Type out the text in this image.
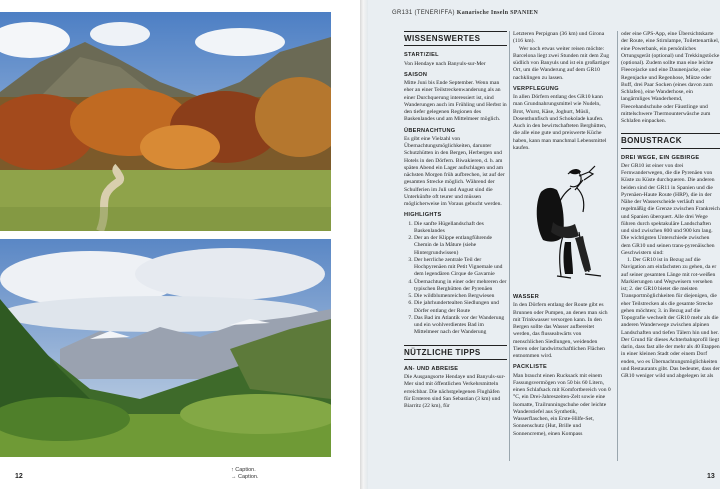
12
↑ Caption.
→ Caption.
GR131 (TENERIFFA) Kanarische Inseln SPANIEN
WISSENSWERTES
START/ZIEL

Von Hendaye nach Banyuls-sur-Mer

SAISON

Mitte Juni bis Ende September. Wenn man eher an einer Teilstreckenwanderung als an einer Durchquerung interessiert ist, sind Wanderungen auch im Frühling und Herbst in den tiefer gelegenen Regionen des Baskenlandes und am Mittelmeer möglich.

ÜBERNACHTUNG

Es gibt eine Vielzahl von Übernachtungsmöglichkeiten, darunter Schutzhütten in den Bergen, Herbergen und Hotels in den Dörfern. Biwakieren, d. h. am späten Abend ein Lager aufschlagen und am nächsten Morgen früh aufbrechen, ist auf der gesamten Strecke möglich. Während der Schulferien im Juli und August sind die Unterkünfte oft teurer und müssen möglicherweise im Voraus gebucht werden.

HIGHLIGHTS
1. Die sanfte Hügellandschaft des Baskenlandes
2. Der an der Klippe entlangführende Chemin de la Mâture (siehe Hintergrundwissen)
3. Der herrliche zentrale Teil der Hochpyrenäen mit Petit Vignemale und dem legendären Cirque de Gavarnie
4. Übernachtung in einer oder mehreren der typischen Berghütten der Pyrenäen
5. Die wildblumenreichen Bergwiesen
6. Die jahrhundertealten Siedlungen und Dörfer entlang der Route
7. Das Bad im Atlantik vor der Wanderung und ein wohlverdientes Bad im Mittelmeer nach der Wanderung
NÜTZLICHE TIPPS
AN- UND ABREISE

Die Ausgangsorte Hendaye und Banyuls-sur-Mer sind mit öffentlichen Verkehrsmitteln erreichbar. Die nächstgelegenen Flughäfen für Ersteren sind San Sebastian (3 km) und Biarritz (22 km), für

Letzteren Perpignan (36 km) und Girona (116 km).

Wer noch etwas weiter reisen möchte: Barcelona liegt zwei Stunden mit dem Zug südlich von Banyuls und ist ein großartiger Ort, um die Wanderung auf dem GR10 nachklingen zu lassen.

VERPFLEGUNG

In allen Dörfern entlang des GR10 kann man Grundnahrungsmittel wie Nudeln, Brot, Wurst, Käse, Joghurt, Müsli, Dosenthunfisch und Schokolade kaufen. Auch in den bewirtschafteten Berghütten, die alle eine gute und preiswerte Küche haben, kann man manchmal Lebensmittel kaufen.

WASSER

In den Dörfern entlang der Route gibt es Brunnen oder Pumpen, an denen man sich mit Trinkwasser versorgen kann. In den Bergen sollte das Wasser aufbereitet werden, das flusseabwärts von menschlichen Siedlungen, weidenden Tieren oder landwirtschaftlichen Flächen entnommen wird.

PACKLISTE

Man braucht einen Rucksack mit einem Fassungsvermögen von 50 bis 60 Litern, einen Schlafsack mit Komfortbereich von 0 °C, ein Drei-Jahreszeiten-Zelt sowie eine Isomatte, Trailrunningschuhe oder leichte Wanderstiefel aus Synthetik, Wasserflaschen, ein Erste-Hilfe-Set, Sonnenschutz (Hut, Brille und Sonnencreme), einen Kompass

oder eine GPS-App, eine Übersichtskarte der Route, eine Stirnlampe, Toilettenartikel, eine Powerbank, ein persönliches Ortungsgerät (optional) und Trekkingstöcke (optional). Zudem sollte man eine leichte Fleecejacke und eine Daunenjacke, eine Regenjacke und Regenhose, Mütze oder Buff, drei Paar Socken (eines davon zum Schlafen), eine Wanderhose, ein langärmliges Wanderhemd, Fleecehandschuhe oder Fäustlinge und mittelschwere Thermounterwäsche zum Schlafen einpacken.

BONUSTRACK
DREI WEGE, EIN GEBIRGE

Der GR10 ist einer von drei Fernwanderwegen, die die Pyrenäen von Küste zu Küste durchqueren. Die anderen beiden sind der GR11 in Spanien und die Pyrenäen-Haute Route (HRP), die in der Nähe der Wasserscheide verläuft und regelmäßig die Grenze zwischen Frankreich und Spanien überquert. Alle drei Wege führen durch spektakuläre Landschaften und sind zwischen 800 und 900 km lang. Die wichtigsten Unterschiede zwischen dem GR10 und seinen trans-pyrenäischen Geschwistern sind:

1. Der GR10 ist in Bezug auf die Navigation am einfachsten zu gehen, da er auf seiner gesamten Länge mit rot-weißen Markierungen und Wegweisern versehen ist; 2. der GR10 bietet die meisten Transportmöglichkeiten für diejenigen, die eher Teilstrecken als die gesamte Strecke gehen möchten; 3. in Bezug auf die Topografie wechselt der GR10 mehr als die anderen Wanderwege zwischen alpinen Landschaften und tiefen Tälern hin und her. Der Grund für dieses Achterbahnprofil liegt darin, dass fast alle der mehr als 40 Etappen in einer kleinen Stadt oder einem Dorf enden, wo es Übernachtungsmöglichkeiten und Restaurants gibt. Das bedeutet, dass der GR10 weniger wild und abgelegen ist als

13
